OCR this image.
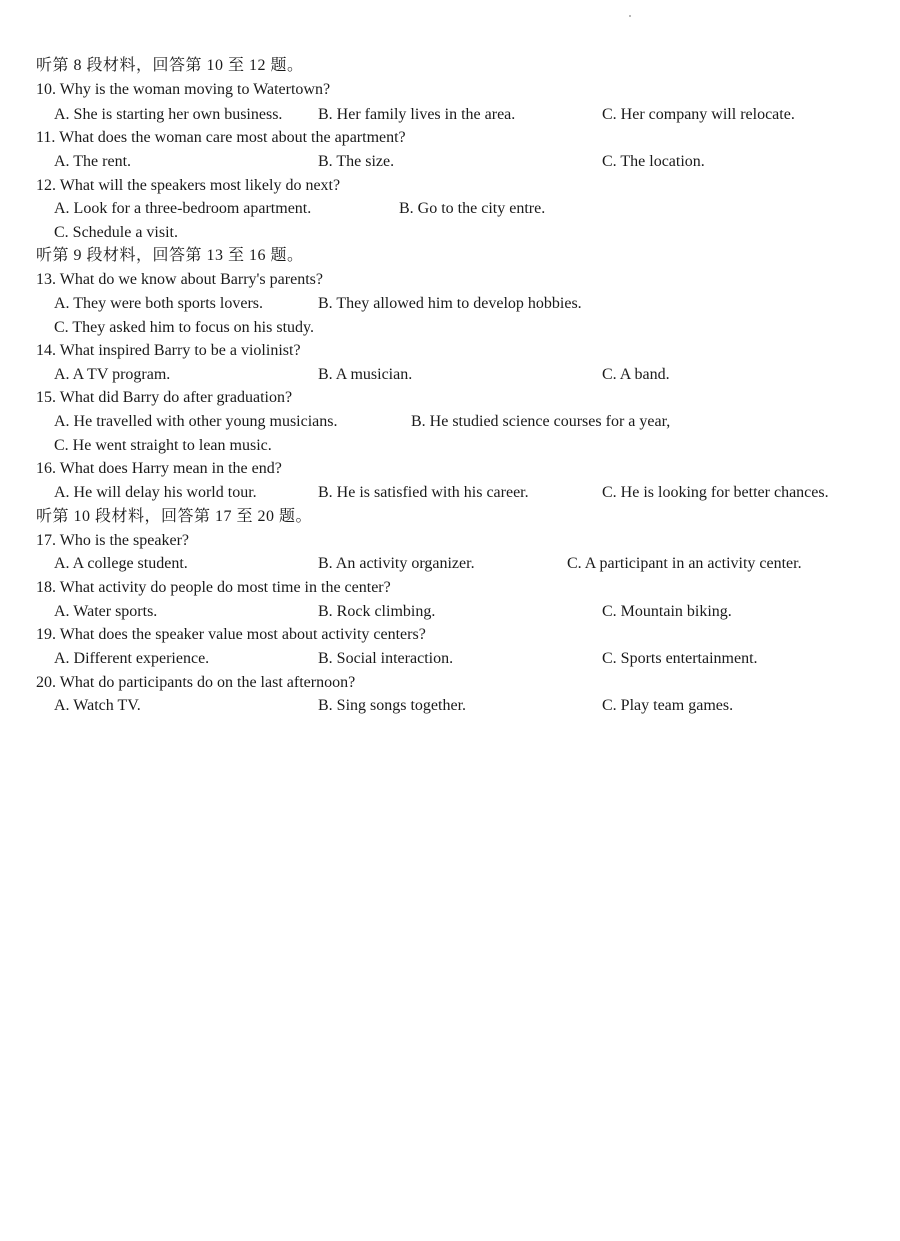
听第 8 段材料，回答第 10 至 12 题。
10. Why is the woman moving to Watertown?
A. She is starting her own business. B. Her family lives in the area.	C. Her company will relocate.
11. What does the woman care most about the apartment?
A. The rent.	B. The size.	C. The location.
12. What will the speakers most likely do next?
A. Look for a three-bedroom apartment.	B. Go to the city entre.
C. Schedule a visit.
听第 9 段材料，回答第 13 至 16 题。
13. What do we know about Barry's parents?
A. They were both sports lovers.	B. They allowed him to develop hobbies.
C. They asked him to focus on his study.
14. What inspired Barry to be a violinist?
A. A TV program.	B. A musician.	C. A band.
15. What did Barry do after graduation?
A. He travelled with other young musicians.	B. He studied science courses for a year,
C. He went straight to lean music.
16. What does Harry mean in the end?
A. He will delay his world tour.	B. He is satisfied with his career.	C. He is looking for better chances.
听第 10 段材料，回答第 17 至 20 题。
17. Who is the speaker?
A. A college student.	B. An activity organizer.	C. A participant in an activity center.
18. What activity do people do most time in the center?
A. Water sports.	B. Rock climbing.	C. Mountain biking.
19. What does the speaker value most about activity centers?
A. Different experience.	B. Social interaction.	C. Sports entertainment.
20. What do participants do on the last afternoon?
A. Watch TV.	B. Sing songs together.	C. Play team games.
